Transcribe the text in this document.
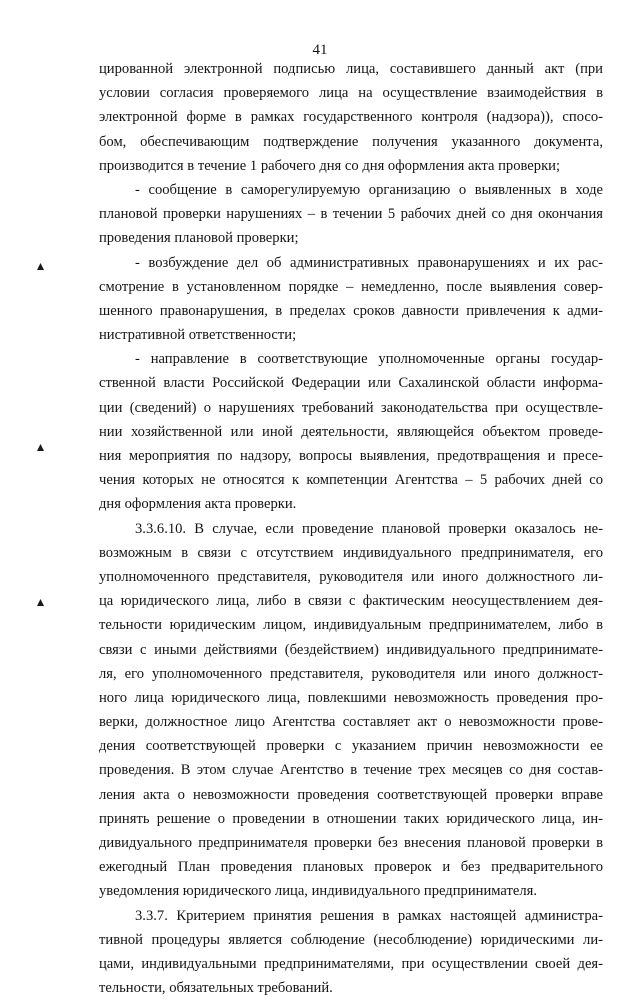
41
цированной электронной подписью лица, составившего данный акт (при
условии согласия проверяемого лица на осуществление взаимодействия в
электронной форме в рамках государственного контроля (надзора)), спосо-
бом, обеспечивающим подтверждение получения указанного документа,
производится в течение 1 рабочего дня со дня оформления акта проверки;
- сообщение в саморегулируемую организацию о выявленных в ходе
плановой проверки нарушениях – в течении 5 рабочих дней со дня окончания
проведения плановой проверки;
- возбуждение дел об административных правонарушениях и их рас-
смотрение в установленном порядке – немедленно, после выявления совер-
шенного правонарушения, в пределах сроков давности привлечения к адми-
нистративной ответственности;
- направление в соответствующие уполномоченные органы государ-
ственной власти Российской Федерации или Сахалинской области информа-
ции (сведений) о нарушениях требований законодательства при осуществле-
нии хозяйственной или иной деятельности, являющейся объектом проведе-
ния мероприятия по надзору, вопросы выявления, предотвращения и пресе-
чения которых не относятся к компетенции Агентства – 5 рабочих дней со
дня оформления акта проверки.
3.3.6.10. В случае, если проведение плановой проверки оказалось не-
возможным в связи с отсутствием индивидуального предпринимателя, его
уполномоченного представителя, руководителя или иного должностного ли-
ца юридического лица, либо в связи с фактическим неосуществлением дея-
тельности юридическим лицом, индивидуальным предпринимателем, либо в
связи с иными действиями (бездействием) индивидуального предпринимате-
ля, его уполномоченного представителя, руководителя или иного должност-
ного лица юридического лица, повлекшими невозможность проведения про-
верки, должностное лицо Агентства составляет акт о невозможности прове-
дения соответствующей проверки с указанием причин невозможности ее
проведения. В этом случае Агентство в течение трех месяцев со дня состав-
ления акта о невозможности проведения соответствующей проверки вправе
принять решение о проведении в отношении таких юридического лица, ин-
дивидуального предпринимателя проверки без внесения плановой проверки в
ежегодный План проведения плановых проверок и без предварительного
уведомления юридического лица, индивидуального предпринимателя.
3.3.7. Критерием принятия решения в рамках настоящей администра-
тивной процедуры является соблюдение (несоблюдение) юридическими ли-
цами, индивидуальными предпринимателями, при осуществлении своей дея-
тельности, обязательных требований.
